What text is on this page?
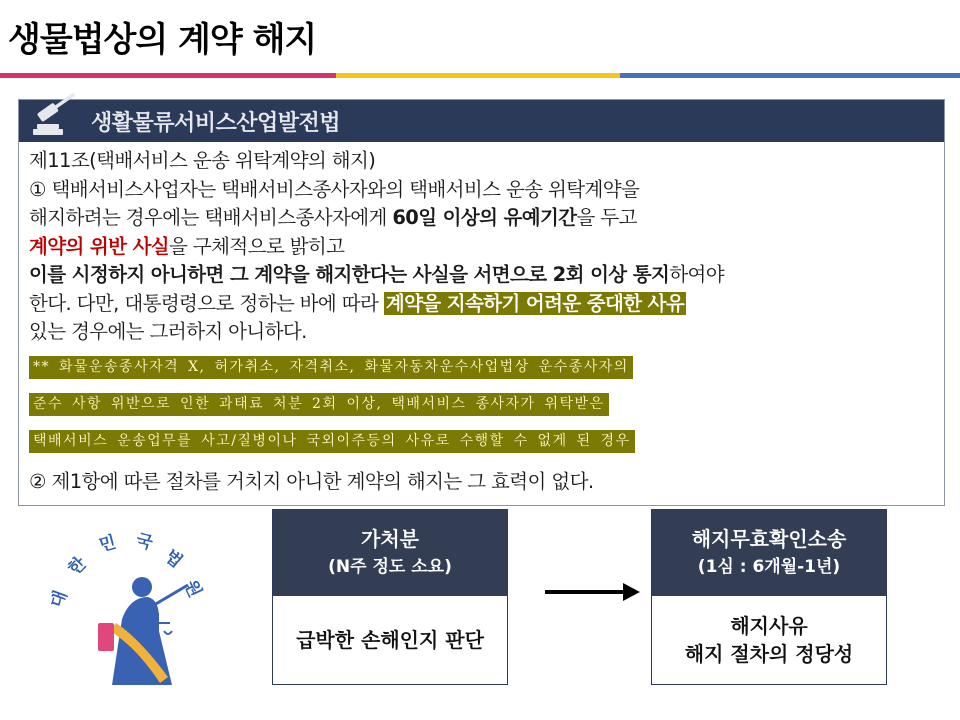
생물법상의 계약 해지
생활물류서비스산업발전법
제11조(택배서비스 운송 위탁계약의 해지)
① 택배서비스사업자는 택배서비스종사자와의 택배서비스 운송 위탁계약을
해지하려는 경우에는 택배서비스종사자에게 60일 이상의 유예기간을 두고
계약의 위반 사실을 구체적으로 밝히고
이를 시정하지 아니하면 그 계약을 해지한다는 사실을 서면으로 2회 이상 통지하여야
한다. 다만, 대통령령으로 정하는 바에 따라 계약을 지속하기 어려운 중대한 사유
있는 경우에는 그러하지 아니하다.
** 화물운송종사자격 X, 허가취소, 자격취소, 화물자동차운수사업법상 운수종사자의
준수 사항 위반으로 인한 과태료 처분 2회 이상, 택배서비스 종사자가 위탁받은
택배서비스 운송업무를 사고/질병이나 국외이주등의 사유로 수행할 수 없게 된 경우
② 제1항에 따른 절차를 거치지 아니한 계약의 해지는 그 효력이 없다.
대
한
민 국
법
원
가처분
(N주 정도 소요)
급박한 손해인지 판단
해지무효확인소송
(1심 : 6개월-1년)
해지사유
해지 절차의 정당성
